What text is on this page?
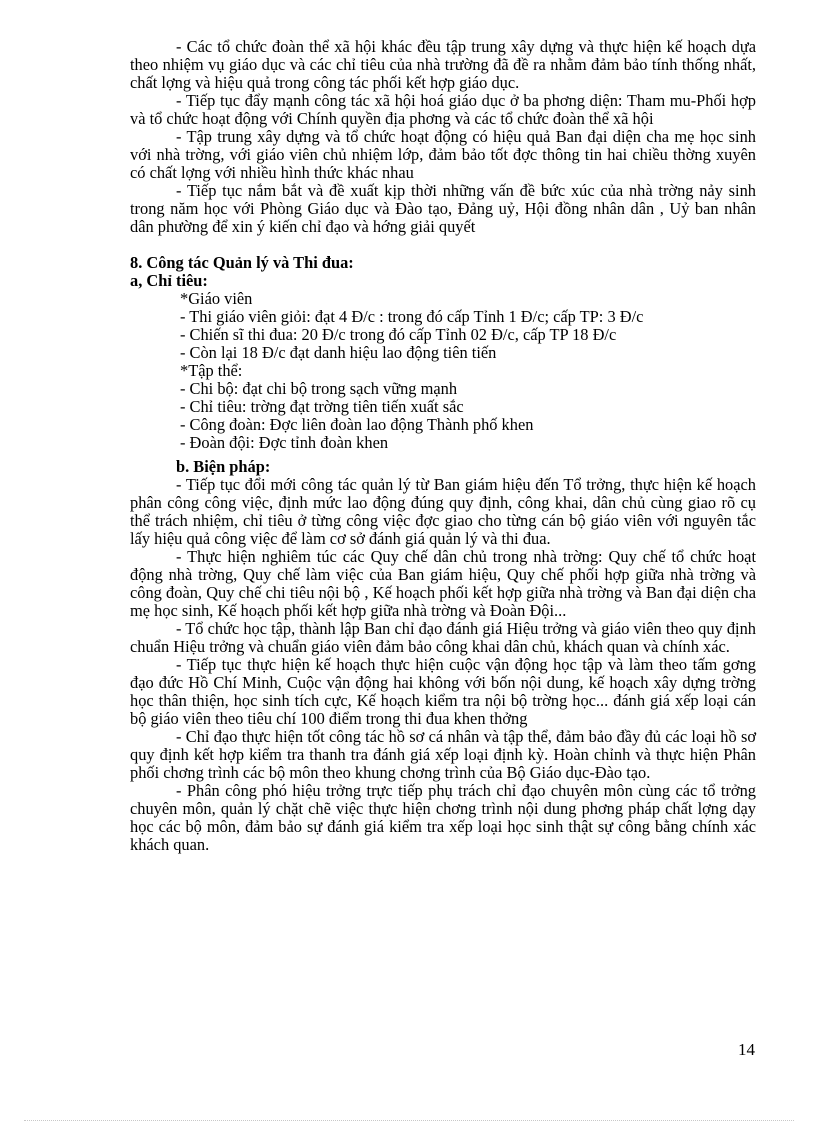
- Các tổ chức đoàn thể xã hội khác đều tập trung xây dựng và thực hiện kế hoạch dựa theo nhiệm vụ giáo dục và các chỉ tiêu của nhà trường đã đề ra nhằm đảm bảo tính thống nhất, chất lợng và hiệu quả trong công tác phối kết hợp giáo dục.

- Tiếp tục đẩy mạnh công tác xã hội hoá giáo dục ở ba phơng diện: Tham mu-Phối hợp và tổ chức hoạt động với Chính quyền địa phơng và các tổ chức đoàn thể xã hội

- Tập trung xây dựng và tổ chức hoạt động có hiệu quả Ban đại diện cha mẹ học sinh với nhà trờng, với giáo viên chủ nhiệm lớp, đảm bảo tốt đợc thông tin hai chiều thờng xuyên có chất lợng với nhiều hình thức khác nhau

- Tiếp tục nắm bắt và đề xuất kịp thời những vấn đề bức xúc của nhà trờng nảy sinh trong năm học với Phòng Giáo dục và Đào tạo, Đảng uỷ, Hội đồng nhân dân , Uỷ ban nhân dân phường để xin ý kiến chỉ đạo và hớng giải quyết

8. Công tác Quản lý và Thi đua:

a, Chỉ tiêu:

*Giáo viên

- Thi giáo viên giỏi: đạt 4 Đ/c : trong đó cấp Tỉnh 1 Đ/c; cấp TP: 3 Đ/c

- Chiến sĩ thi đua: 20 Đ/c trong đó cấp Tỉnh 02 Đ/c, cấp TP 18 Đ/c

- Còn lại 18 Đ/c đạt danh hiệu lao động tiên tiến

*Tập thể:

- Chi bộ: đạt chi bộ trong sạch vững mạnh

- Chỉ tiêu: trờng đạt trờng tiên tiến xuất sắc

- Công đoàn: Đợc liên đoàn lao động Thành phố khen

- Đoàn đội: Đợc tỉnh đoàn khen

b. Biện pháp:

- Tiếp tục đổi mới công tác quản lý từ Ban giám hiệu đến Tổ trởng, thực hiện kế hoạch phân công công việc, định mức lao động đúng quy định, công khai, dân chủ cùng giao rõ cụ thể trách nhiệm, chỉ tiêu ở từng công việc đợc giao cho từng cán bộ giáo viên với nguyên tắc lấy hiệu quả công việc để làm cơ sở đánh giá quản lý và thi đua.

- Thực hiện nghiêm túc các Quy chế dân chủ trong nhà trờng: Quy chế tổ chức hoạt động nhà trờng, Quy chế làm việc của Ban giám hiệu, Quy chế phối hợp giữa nhà trờng và công đoàn, Quy chế chi tiêu nội bộ , Kế hoạch phối kết hợp giữa nhà trờng và Ban đại diện cha mẹ học sinh, Kế hoạch phối kết hợp giữa nhà trờng và Đoàn Đội...

- Tổ chức học tập, thành lập Ban chỉ đạo đánh giá Hiệu trởng và giáo viên theo quy định chuẩn Hiệu trởng và chuẩn giáo viên đảm bảo công khai dân chủ, khách quan và chính xác.

- Tiếp tục thực hiện kế hoạch thực hiện cuộc vận động học tập và làm theo tấm gơng đạo đức Hồ Chí Minh, Cuộc vận động hai không với bốn nội dung, kế hoạch xây dựng trờng học thân thiện, học sinh tích cực, Kế hoạch kiểm tra nội bộ trờng học... đánh giá xếp loại cán bộ giáo viên theo tiêu chí 100 điểm trong thi đua khen thởng

- Chỉ đạo thực hiện tốt công tác hồ sơ cá nhân và tập thể, đảm bảo đầy đủ các loại hồ sơ quy định kết hợp kiểm tra thanh tra đánh giá xếp loại định kỳ. Hoàn chỉnh và thực hiện Phân phối chơng trình các bộ môn theo khung chơng trình của Bộ Giáo dục-Đào tạo.

- Phân công phó hiệu trởng trực tiếp phụ trách chỉ đạo chuyên môn cùng các tổ trởng chuyên môn, quản lý chặt chẽ việc thực hiện chơng trình nội dung phơng pháp chất lợng dạy học các bộ môn, đảm bảo sự đánh giá kiểm tra xếp loại học sinh thật sự công bằng chính xác khách quan.

14
